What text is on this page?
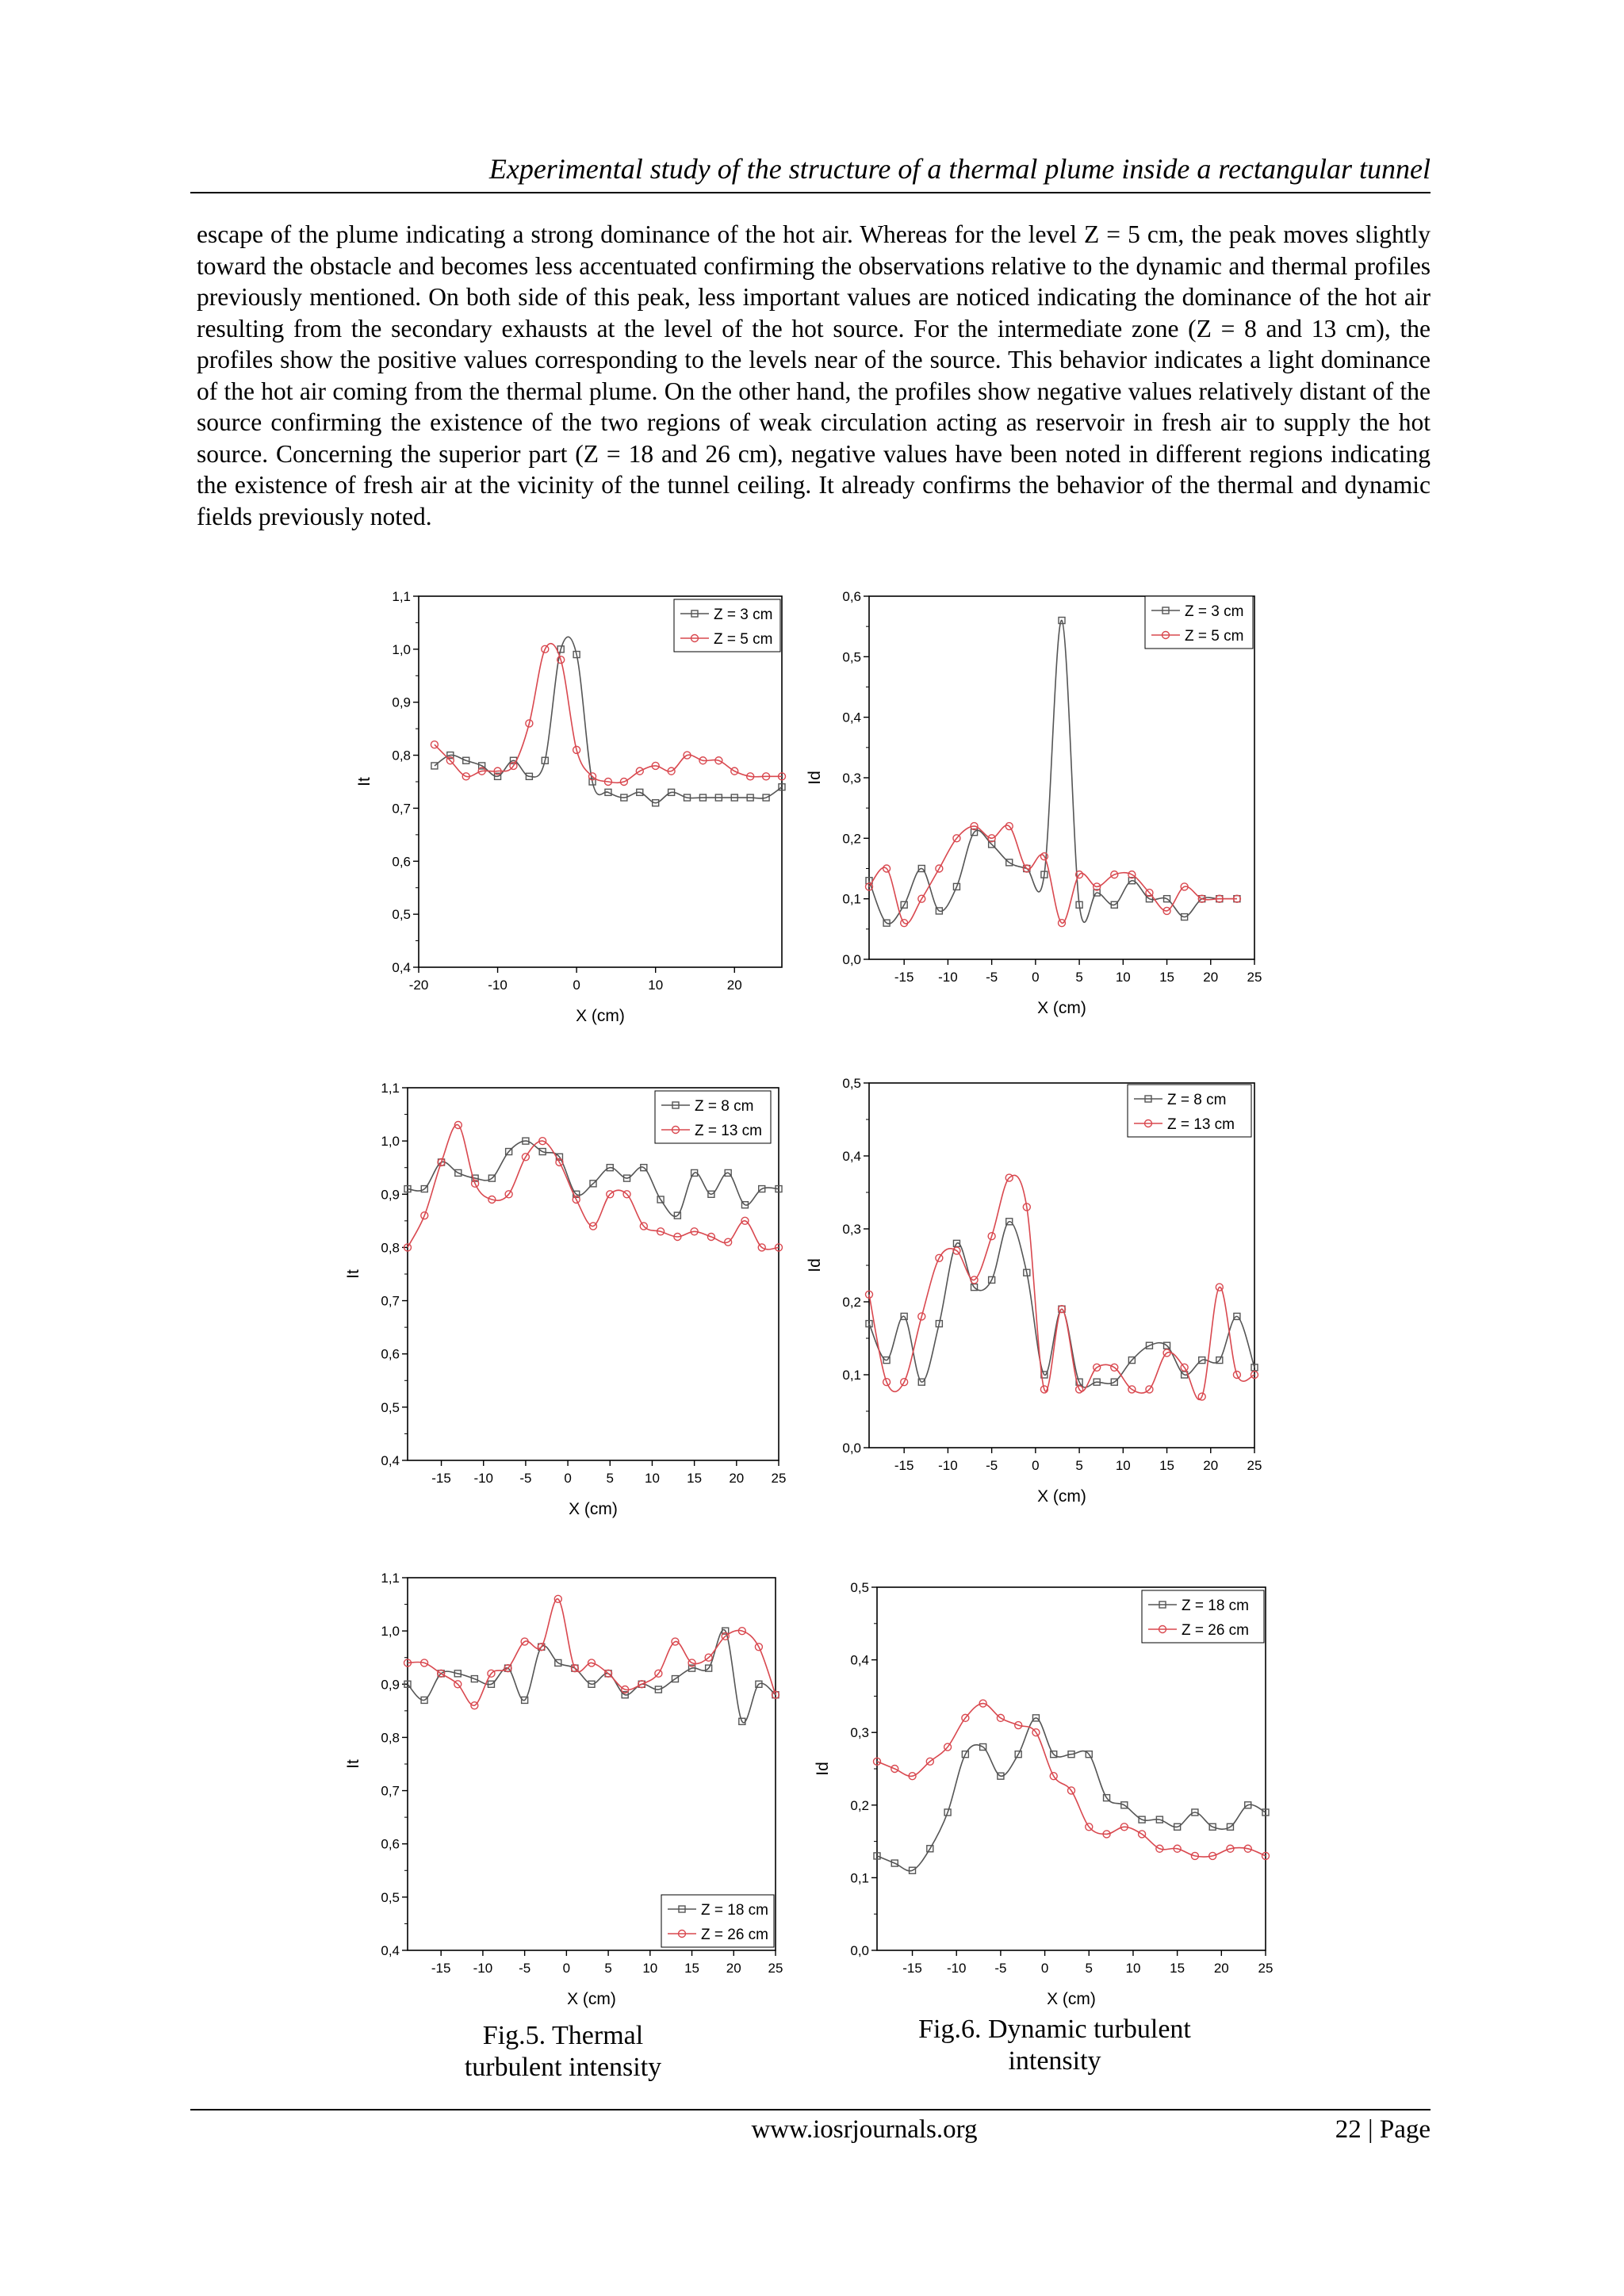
Experimental study of the structure of a thermal plume inside a rectangular tunnel

escape of the plume indicating a strong dominance of the hot air. Whereas for the level Z = 5 cm, the peak moves slightly toward the obstacle and becomes less accentuated confirming the observations relative to the dynamic and thermal profiles previously mentioned. On both side of this peak, less important values are noticed indicating the dominance of the hot air resulting from the secondary exhausts at the level of the hot source. For the intermediate zone (Z = 8 and 13 cm), the profiles show the positive values corresponding to the levels near of the source. This behavior indicates a light dominance of the hot air coming from the thermal plume. On the other hand, the profiles show negative values relatively distant of the source confirming the existence of the two regions of weak circulation acting as reservoir in fresh air to supply the hot source. Concerning the superior part (Z = 18 and 26 cm), negative values have been noted in different regions indicating the existence of fresh air at the vicinity of the tunnel ceiling. It already confirms the behavior of the thermal and dynamic fields previously noted.

0,4
0,5
0,6
0,7
0,8
0,9
1,0
1,1
-20	-10	0	10	20
X (cm)
It
Z = 3 cm
Z = 5 cm
0,0
0,1
0,2
0,3
0,4
0,5
0,6
-15 -10 -5	0	5 10 15 20 25
X (cm)
Id
Z = 3 cm
Z = 5 cm
0,4
0,5
0,6
0,7
0,8
0,9
1,0
1,1
-15 -10 -5 0	5 10 15 20 25
X (cm)
It
Z = 8 cm
Z = 13 cm
0,0
0,1
0,2
0,3
0,4
0,5
-15 -10 -5	0	5 10 15 20 25
X (cm)
Id
Z = 8 cm
Z = 13 cm
0,4
0,5
0,6
0,7
0,8
0,9
1,0
1,1
-15 -10 -5 0	5 10 15 20 25
X (cm)
It
Z = 18 cm
Z = 26 cm
0,0
0,1
0,2
0,3
0,4
0,5
-15 -10 -5	0	5 10 15 20 25
X (cm)
Id
Z = 18 cm
Z = 26 cm
Fig.5. Thermal turbulent intensity
Fig.6. Dynamic turbulent intensity
www.iosrjournals.org	22 | Page
